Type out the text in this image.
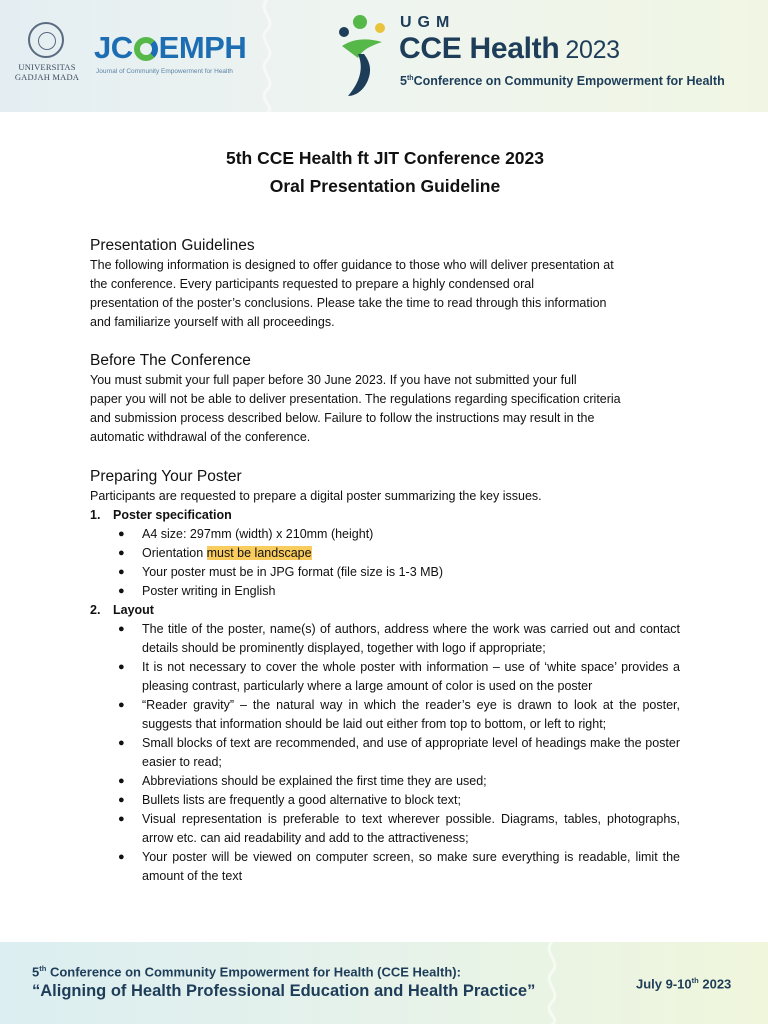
UNIVERSITAS
GADJAH MADA
JC EMPH
Journal of Community Empowerment for Health
UGM
CCE Health 2023
5thConference on Community Empowerment for Health
5th CCE Health ft JIT Conference 2023
Oral Presentation Guideline
Presentation Guidelines

The following information is designed to offer guidance to those who will deliver presentation at
the conference. Every participants requested to prepare a highly condensed oral
presentation of the poster’s conclusions. Please take the time to read through this information
and familiarize yourself with all proceedings.

Before The Conference

You must submit your full paper before 30 June 2023. If you have not submitted your full
paper you will not be able to deliver presentation. The regulations regarding specification criteria
and submission process described below. Failure to follow the instructions may result in the
automatic withdrawal of the conference.

Preparing Your Poster

Participants are requested to prepare a digital poster summarizing the key issues.

1.	Poster specification
● A4 size: 297mm (width) x 210mm (height)
● Orientation must be landscape
● Your poster must be in JPG format (file size is 1-3 MB)
● Poster writing in English
2.	Layout
● The title of the poster, name(s) of authors, address where the work was carried out and contact details should be prominently displayed, together with logo if appropriate;
● It is not necessary to cover the whole poster with information – use of ‘white space’ provides a pleasing contrast, particularly where a large amount of color is used on the poster
● “Reader gravity” – the natural way in which the reader’s eye is drawn to look at the poster, suggests that information should be laid out either from top to bottom, or left to right;
● Small blocks of text are recommended, and use of appropriate level of headings make the poster easier to read;
● Abbreviations should be explained the first time they are used;
● Bullets lists are frequently a good alternative to block text;
● Visual representation is preferable to text wherever possible. Diagrams, tables, photographs, arrow etc. can aid readability and add to the attractiveness;
● Your poster will be viewed on computer screen, so make sure everything is readable, limit the amount of the text
5th Conference on Community Empowerment for Health (CCE Health):
“Aligning of Health Professional Education and Health Practice”	July 9-10th 2023
